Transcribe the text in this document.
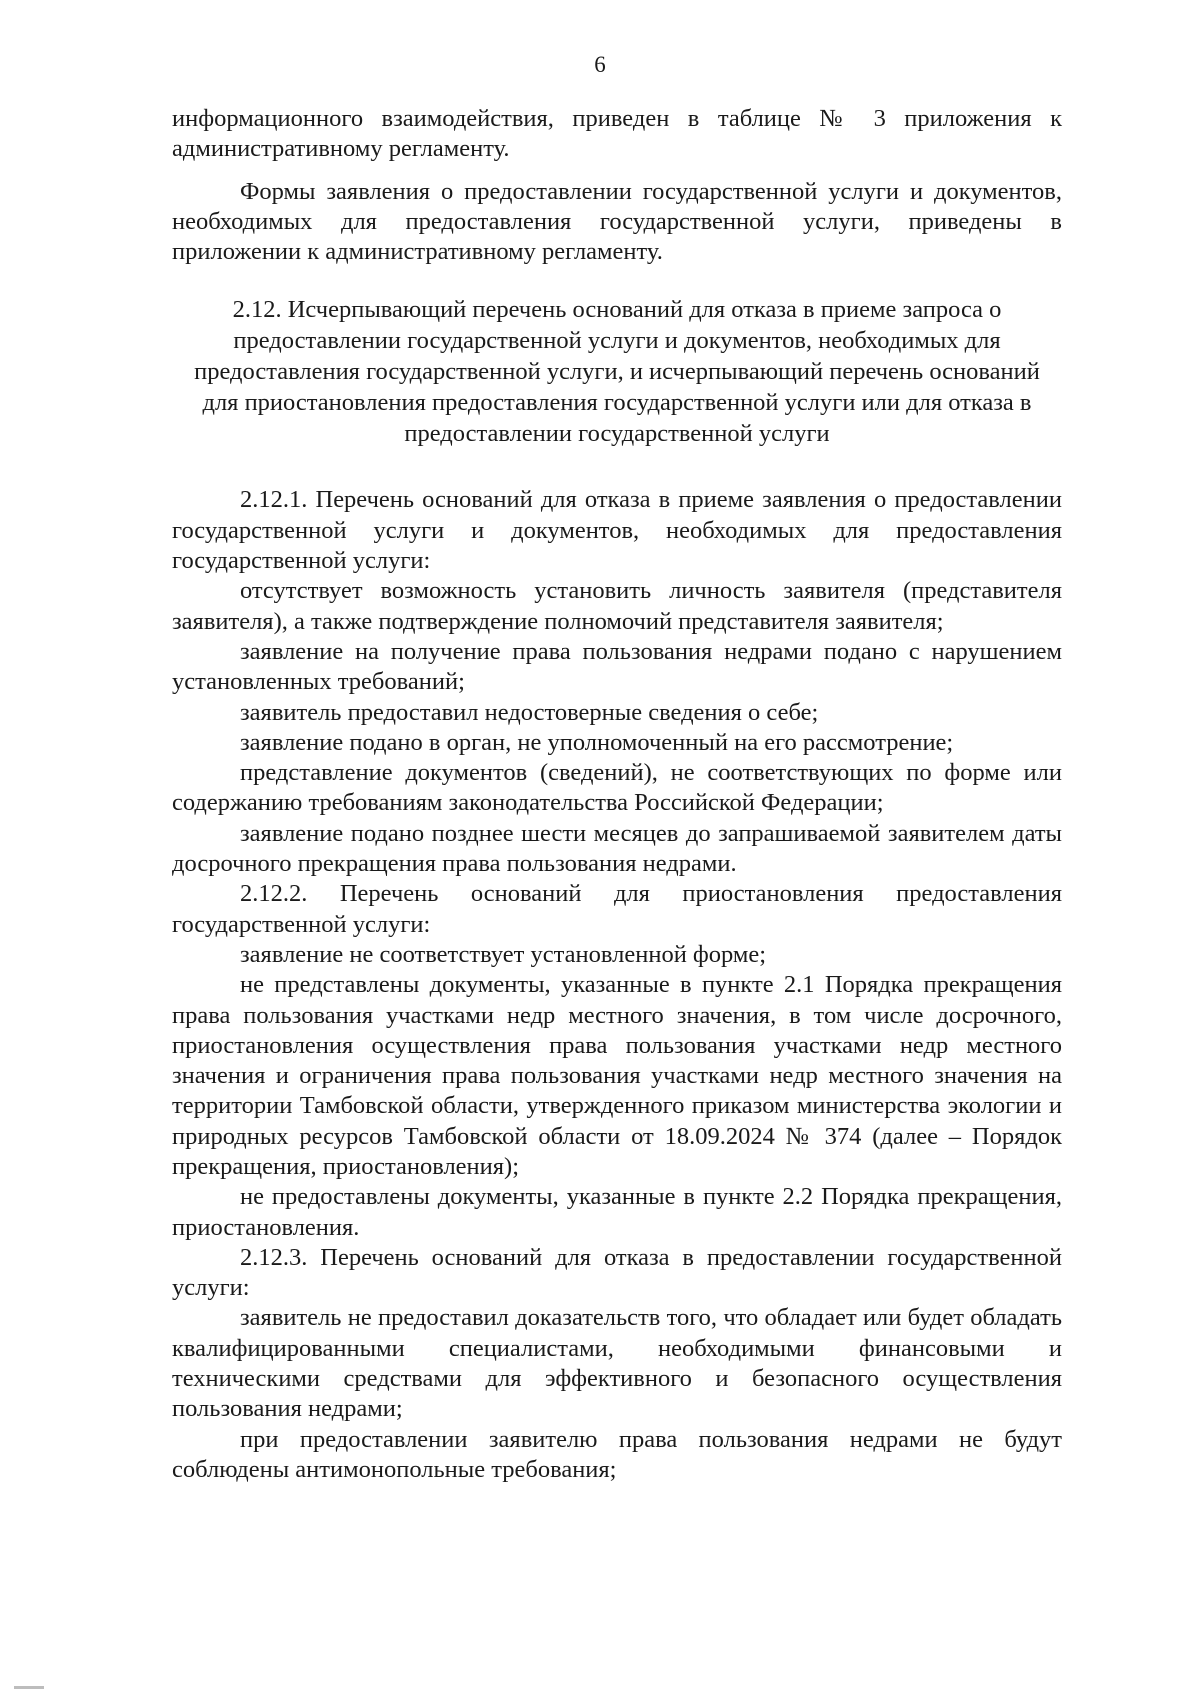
6

информационного взаимодействия, приведен в таблице № 3 приложения к административному регламенту.

Формы заявления о предоставлении государственной услуги и документов, необходимых для предоставления государственной услуги, приведены в приложении к административному регламенту.

2.12. Исчерпывающий перечень оснований для отказа в приеме запроса о предоставлении государственной услуги и документов, необходимых для предоставления государственной услуги, и исчерпывающий перечень оснований для приостановления предоставления государственной услуги или для отказа в предоставлении государственной услуги

2.12.1. Перечень оснований для отказа в приеме заявления о предоставлении государственной услуги и документов, необходимых для предоставления государственной услуги:

отсутствует возможность установить личность заявителя (представителя заявителя), а также подтверждение полномочий представителя заявителя;

заявление на получение права пользования недрами подано с нарушением установленных требований;

заявитель предоставил недостоверные сведения о себе;

заявление подано в орган, не уполномоченный на его рассмотрение;

представление документов (сведений), не соответствующих по форме или содержанию требованиям законодательства Российской Федерации;

заявление подано позднее шести месяцев до запрашиваемой заявителем даты досрочного прекращения права пользования недрами.

2.12.2. Перечень оснований для приостановления предоставления государственной услуги:

заявление не соответствует установленной форме;

не представлены документы, указанные в пункте 2.1 Порядка прекращения права пользования участками недр местного значения, в том числе досрочного, приостановления осуществления права пользования участками недр местного значения и ограничения права пользования участками недр местного значения на территории Тамбовской области, утвержденного приказом министерства экологии и природных ресурсов Тамбовской области от 18.09.2024 № 374 (далее – Порядок прекращения, приостановления);

не предоставлены документы, указанные в пункте 2.2 Порядка прекращения, приостановления.

2.12.3. Перечень оснований для отказа в предоставлении государственной услуги:

заявитель не предоставил доказательств того, что обладает или будет обладать квалифицированными специалистами, необходимыми финансовыми и техническими средствами для эффективного и безопасного осуществления пользования недрами;

при предоставлении заявителю права пользования недрами не будут соблюдены антимонопольные требования;
